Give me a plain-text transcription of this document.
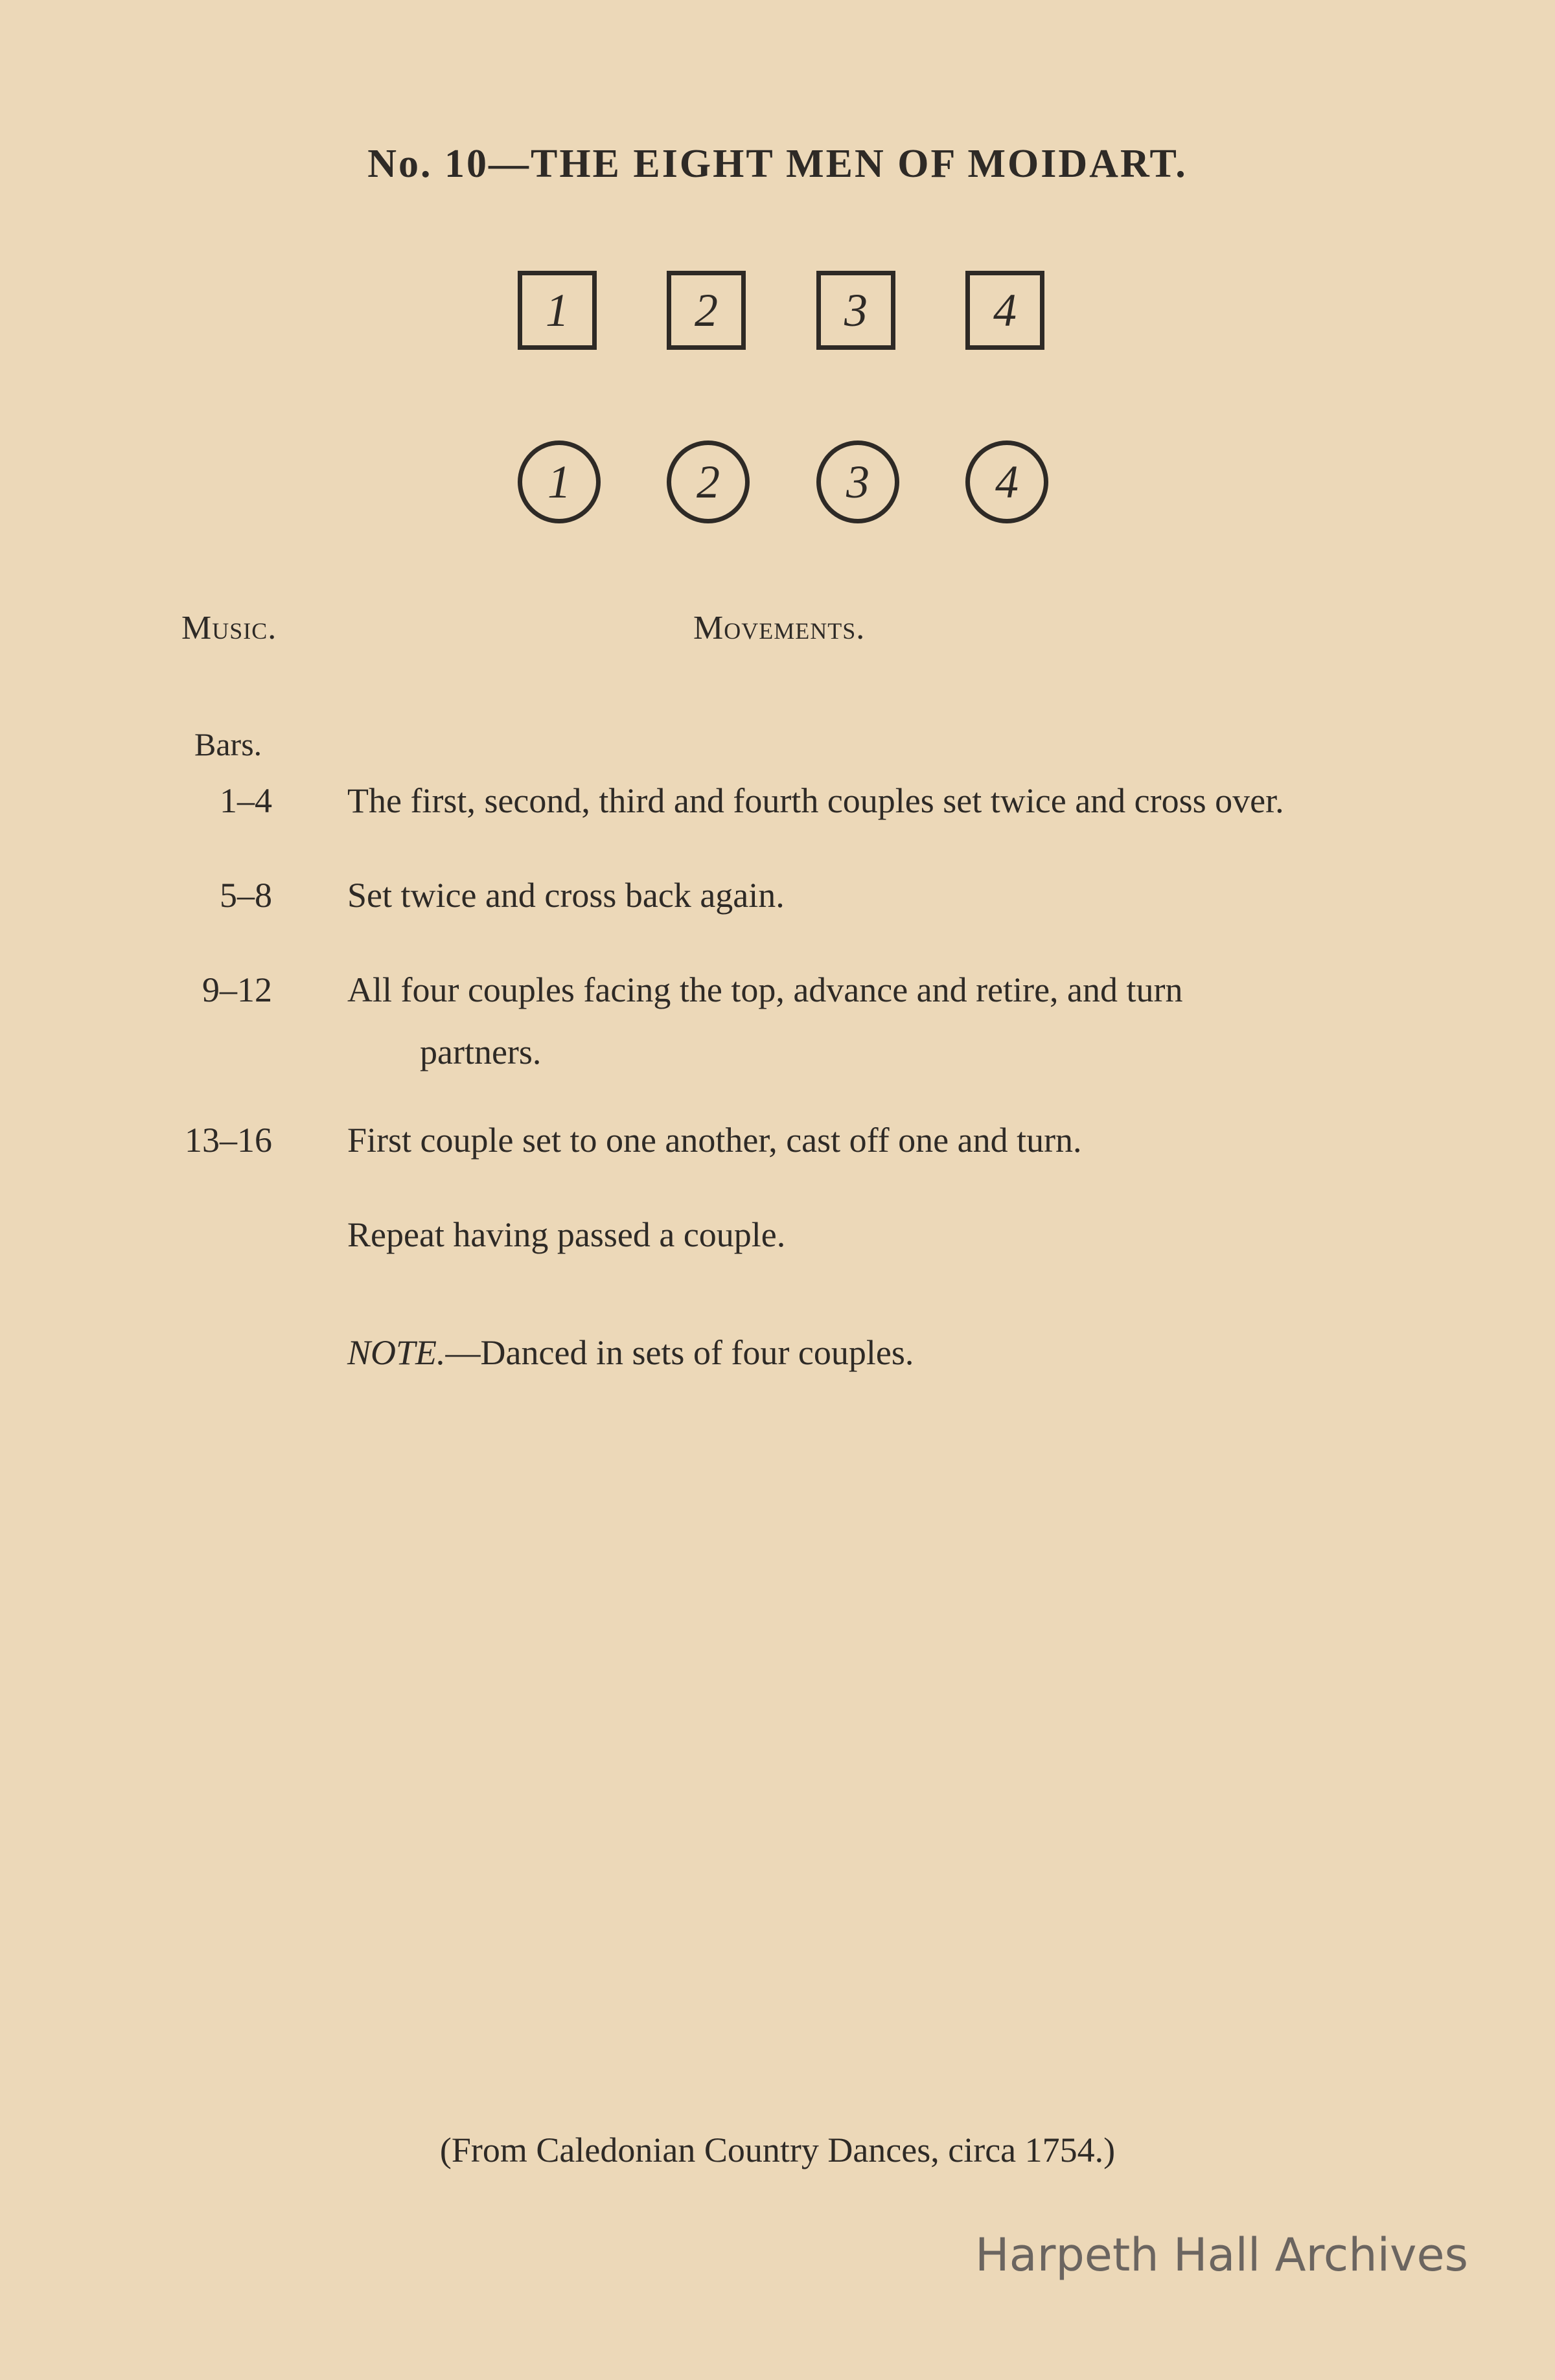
No. 10—THE EIGHT MEN OF MOIDART.
1	2	3	4
1	2	3	4
Music.	Movements.
Bars.
1–4 The first, second, third and fourth couples set twice and cross over.
5–8 Set twice and cross back again.
9–12 All four couples facing the top, advance and retire, and turn
partners.
13–16 First couple set to one another, cast off one and turn.
Repeat having passed a couple.
NOTE.—Danced in sets of four couples.
(From Caledonian Country Dances, circa 1754.)
Harpeth Hall Archives
